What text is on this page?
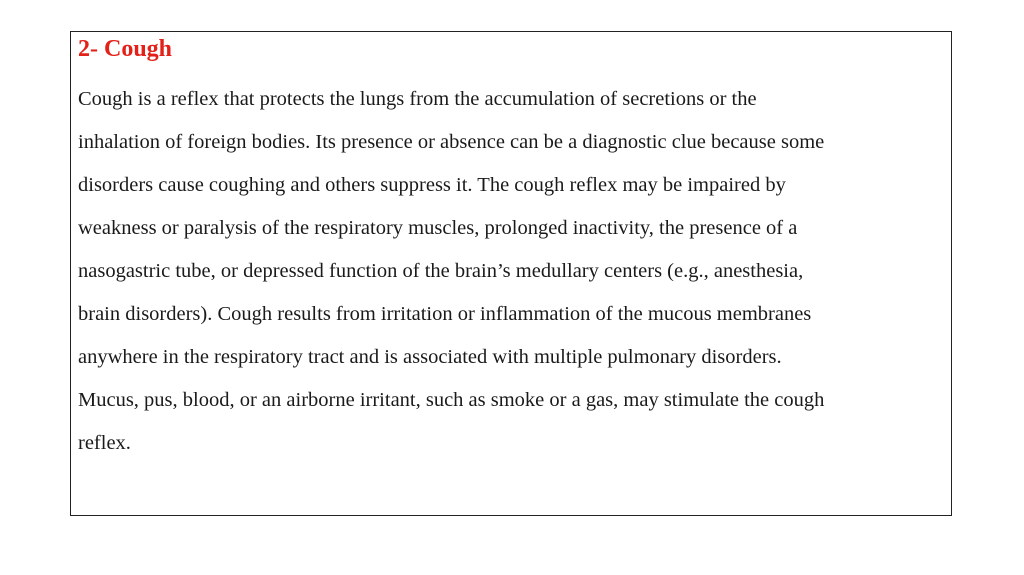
2- Cough
Cough is a reflex that protects the lungs from the accumulation of secretions or the
inhalation of foreign bodies. Its presence or absence can be a diagnostic clue because some
disorders cause coughing and others suppress it. The cough reflex may be impaired by
weakness or paralysis of the respiratory muscles, prolonged inactivity, the presence of a
nasogastric tube, or depressed function of the brain’s medullary centers (e.g., anesthesia,
brain disorders). Cough results from irritation or inflammation of the mucous membranes
anywhere in the respiratory tract and is associated with multiple pulmonary disorders.
Mucus, pus, blood, or an airborne irritant, such as smoke or a gas, may stimulate the cough
reflex.
